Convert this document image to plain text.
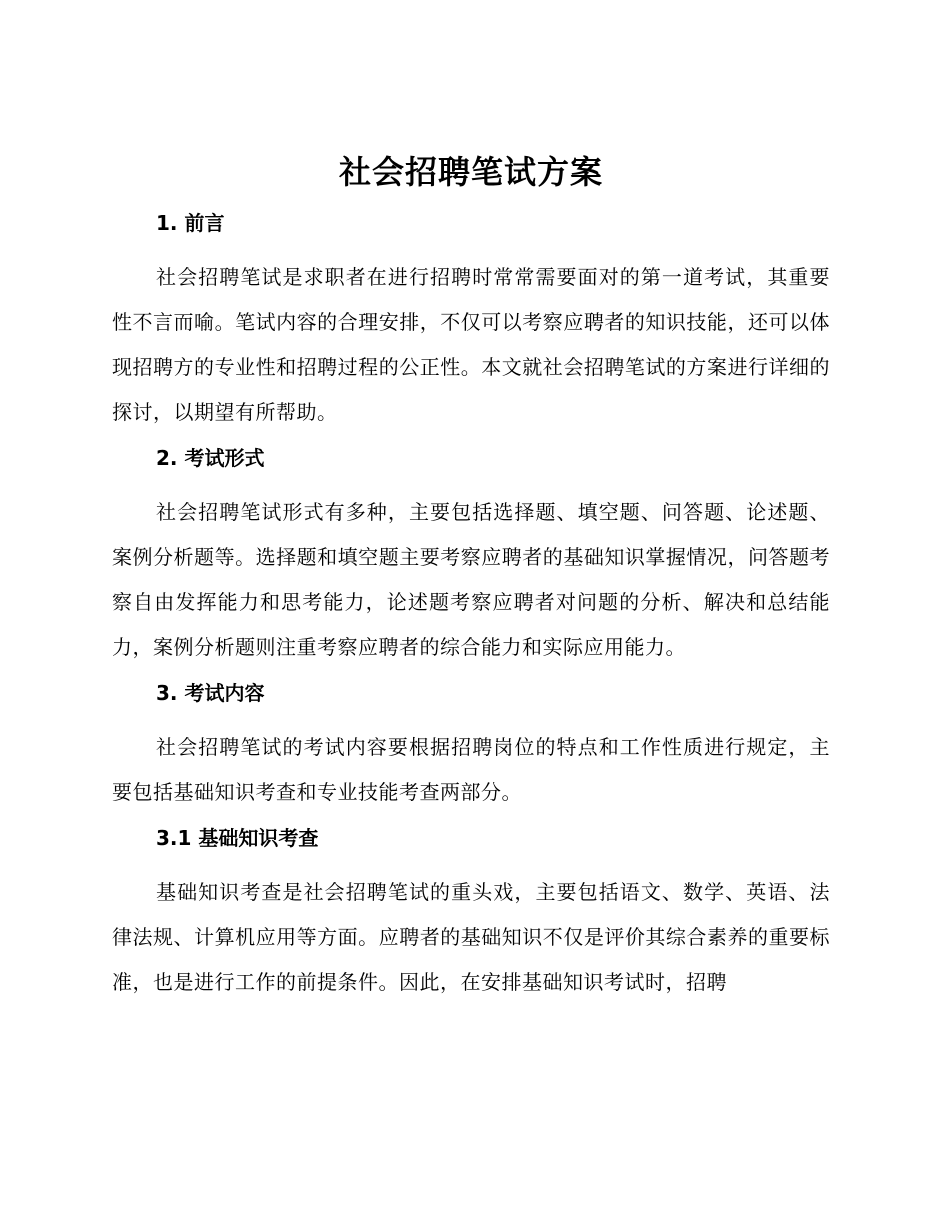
社会招聘笔试方案
1. 前言
社会招聘笔试是求职者在进行招聘时常常需要面对的第一道考试，其重要性不言而喻。笔试内容的合理安排，不仅可以考察应聘者的知识技能，还可以体现招聘方的专业性和招聘过程的公正性。本文就社会招聘笔试的方案进行详细的探讨，以期望有所帮助。
2. 考试形式
社会招聘笔试形式有多种，主要包括选择题、填空题、问答题、论述题、案例分析题等。选择题和填空题主要考察应聘者的基础知识掌握情况，问答题考察自由发挥能力和思考能力，论述题考察应聘者对问题的分析、解决和总结能力，案例分析题则注重考察应聘者的综合能力和实际应用能力。
3. 考试内容
社会招聘笔试的考试内容要根据招聘岗位的特点和工作性质进行规定，主要包括基础知识考查和专业技能考查两部分。
3.1 基础知识考查
基础知识考查是社会招聘笔试的重头戏，主要包括语文、数学、英语、法律法规、计算机应用等方面。应聘者的基础知识不仅是评价其综合素养的重要标准，也是进行工作的前提条件。因此，在安排基础知识考试时，招聘
